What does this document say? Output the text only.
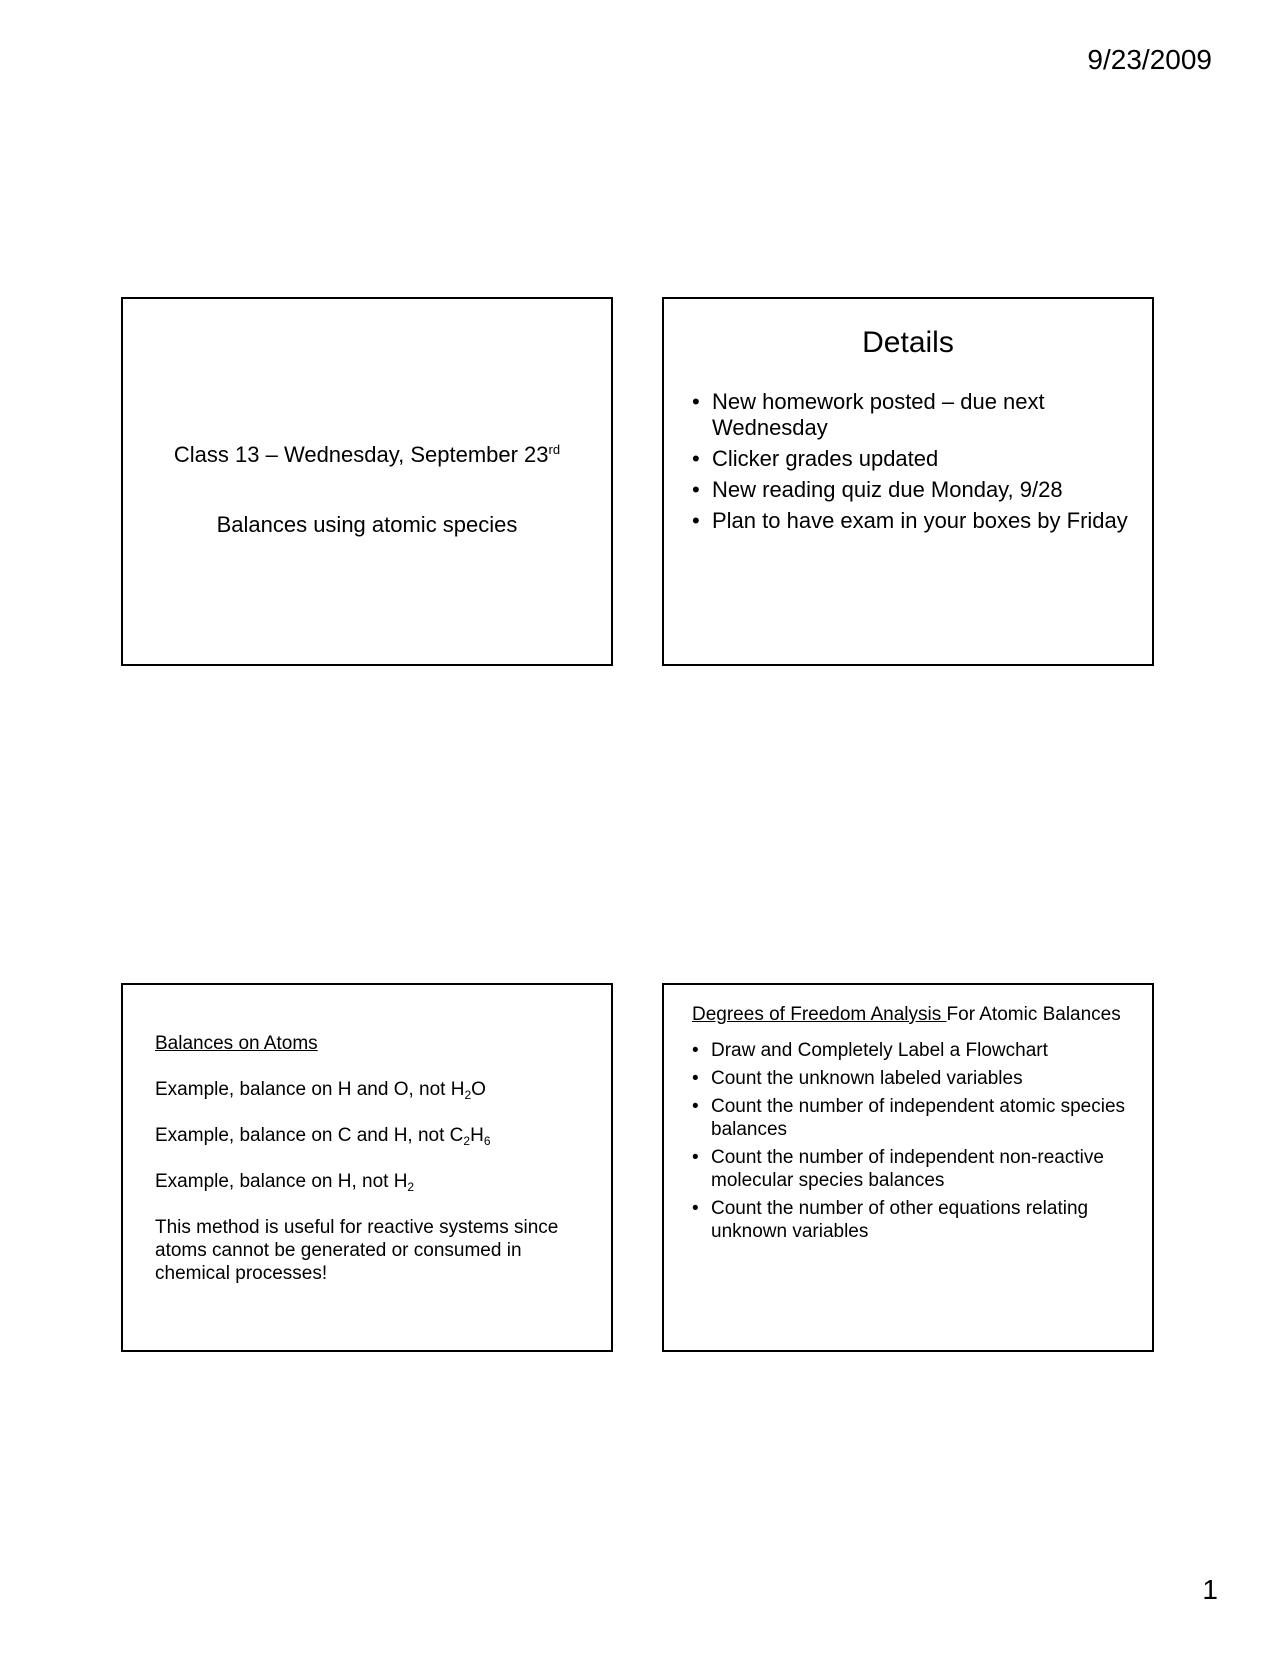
9/23/2009
Class 13 – Wednesday, September 23rd
Balances using atomic species
Details
• New homework posted – due next Wednesday
• Clicker grades updated
• New reading quiz due Monday, 9/28
• Plan to have exam in your boxes by Friday

Balances on Atoms

Example, balance on H and O, not $H_2O$

Example, balance on C and H, not $C_2H_6$

Example, balance on H, not $H_2$

This method is useful for reactive systems since atoms cannot be generated or consumed in chemical processes!

Degrees of Freedom Analysis For Atomic Balances
• Draw and Completely Label a Flowchart
• Count the unknown labeled variables
• Count the number of independent atomic species balances
• Count the number of independent non-reactive molecular species balances
• Count the number of other equations relating unknown variables
1
